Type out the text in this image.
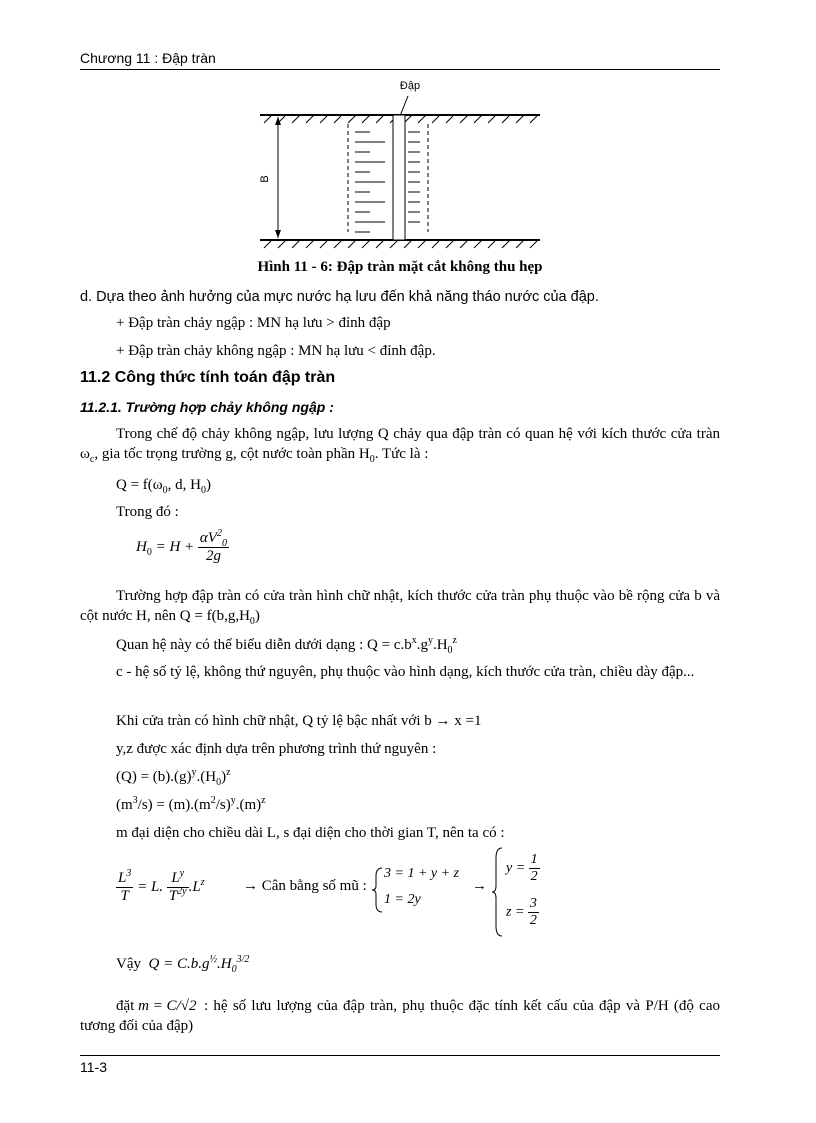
Chương 11 : Đập tràn
Đập
B
Hình 11 - 6: Đập tràn mặt cắt không thu hẹp
d. Dựa theo ảnh hưởng của mực nước hạ lưu đến khả năng tháo nước của đập.
+ Đập tràn chảy ngập : MN hạ lưu > đỉnh đập
+ Đập tràn chảy không ngập : MN hạ lưu < đỉnh đập.
11.2 Công thức tính toán đập tràn
11.2.1. Trường hợp chảy không ngập :
Trong chế độ chảy không ngập, lưu lượng Q chảy qua đập tràn có quan hệ với kích thước cửa tràn $\omega_c$, gia tốc trọng trường g, cột nước toàn phần $H_0$. Tức là :
$Q = f(\omega_0$, d, $H_0$)
Trong đó :
$H_0 = H + \frac{\alpha V^2_0}{2g}$
Trường hợp đập tràn có cửa tràn hình chữ nhật, kích thước cửa tràn phụ thuộc vào bề rộng cửa b và cột nước H, nên $Q = f(b,g,H_0)$
Quan hệ này có thể biểu diễn dưới dạng : $Q = c.b^x.g^y.H_0^z$
c - hệ số tỷ lệ, không thứ nguyên, phụ thuộc vào hình dạng, kích thước cửa tràn, chiều dày đập...
Khi cửa tràn có hình chữ nhật, Q tỷ lệ bậc nhất với b → x =1
y,z được xác định dựa trên phương trình thứ nguyên :
$(Q) = (b).(g)^y.(H_0)^z$
$(m^3/s) = (m).(m^2/s)^y.(m)^z$
m đại diện cho chiều dài L, s đại diện cho thời gian T, nên ta có :
$\frac{L^3}{T} = L$. $\frac{L^y}{T^{2y}} .L^z$	→ Cân bằng số mũ :
3 = 1 + y + z
1 = 2y
→
$y = \frac{1}{2}$
$z = \frac{3}{2}$
Vậy $Q = C.b.g^{\frac{1}{2}}.H_0^{3/2}$
đặt m = C/√2 : hệ số lưu lượng của đập tràn, phụ thuộc đặc tính kết cấu của đập và P/H (độ cao tương đối của đập)
11-3
